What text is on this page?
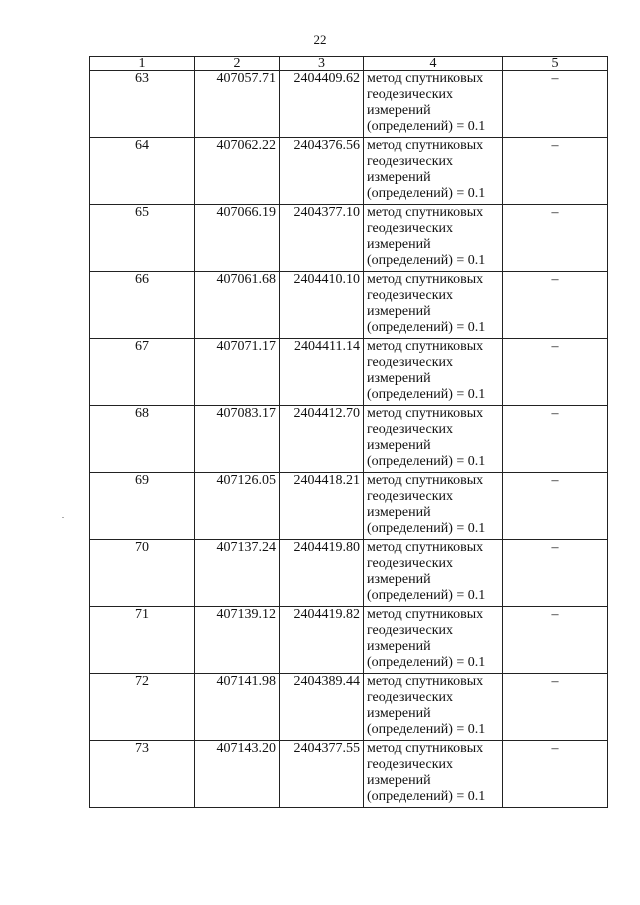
22
1	2	3	4	5
63	407057.71	2404409.62	метод спутниковых
геодезических
измерений
(определений) = 0.1	–
64	407062.22	2404376.56	метод спутниковых
геодезических
измерений
(определений) = 0.1	–
65	407066.19	2404377.10	метод спутниковых
геодезических
измерений
(определений) = 0.1	–
66	407061.68	2404410.10	метод спутниковых
геодезических
измерений
(определений) = 0.1	–
67	407071.17	2404411.14	метод спутниковых
геодезических
измерений
(определений) = 0.1	–
68	407083.17	2404412.70	метод спутниковых
геодезических
измерений
(определений) = 0.1	–
69	407126.05	2404418.21	метод спутниковых
геодезических
измерений
(определений) = 0.1	–
70	407137.24	2404419.80	метод спутниковых
геодезических
измерений
(определений) = 0.1	–
71	407139.12	2404419.82	метод спутниковых
геодезических
измерений
(определений) = 0.1	–
72	407141.98	2404389.44	метод спутниковых
геодезических
измерений
(определений) = 0.1	–
73	407143.20	2404377.55	метод спутниковых
геодезических
измерений
(определений) = 0.1	–
